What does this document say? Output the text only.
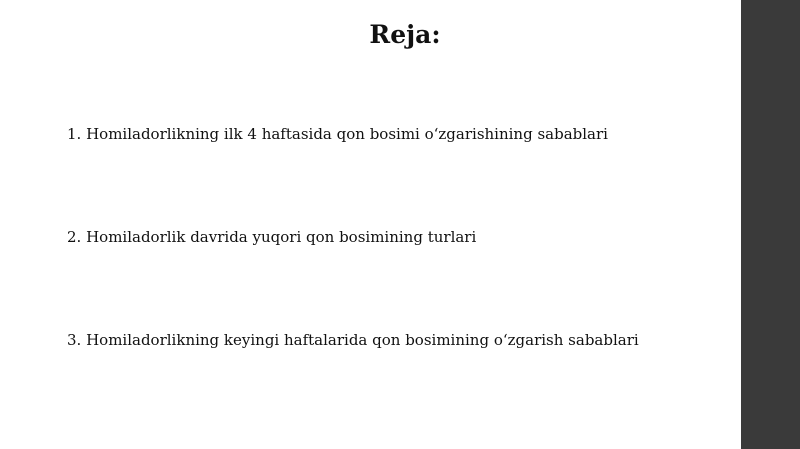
Reja:

1. Homiladorlikning ilk 4 haftasida qon bosimi o‘zgarishining sabablari

2. Homiladorlik davrida yuqori qon bosimining turlari

3. Homiladorlikning keyingi haftalarida qon bosimining o‘zgarish sabablari
